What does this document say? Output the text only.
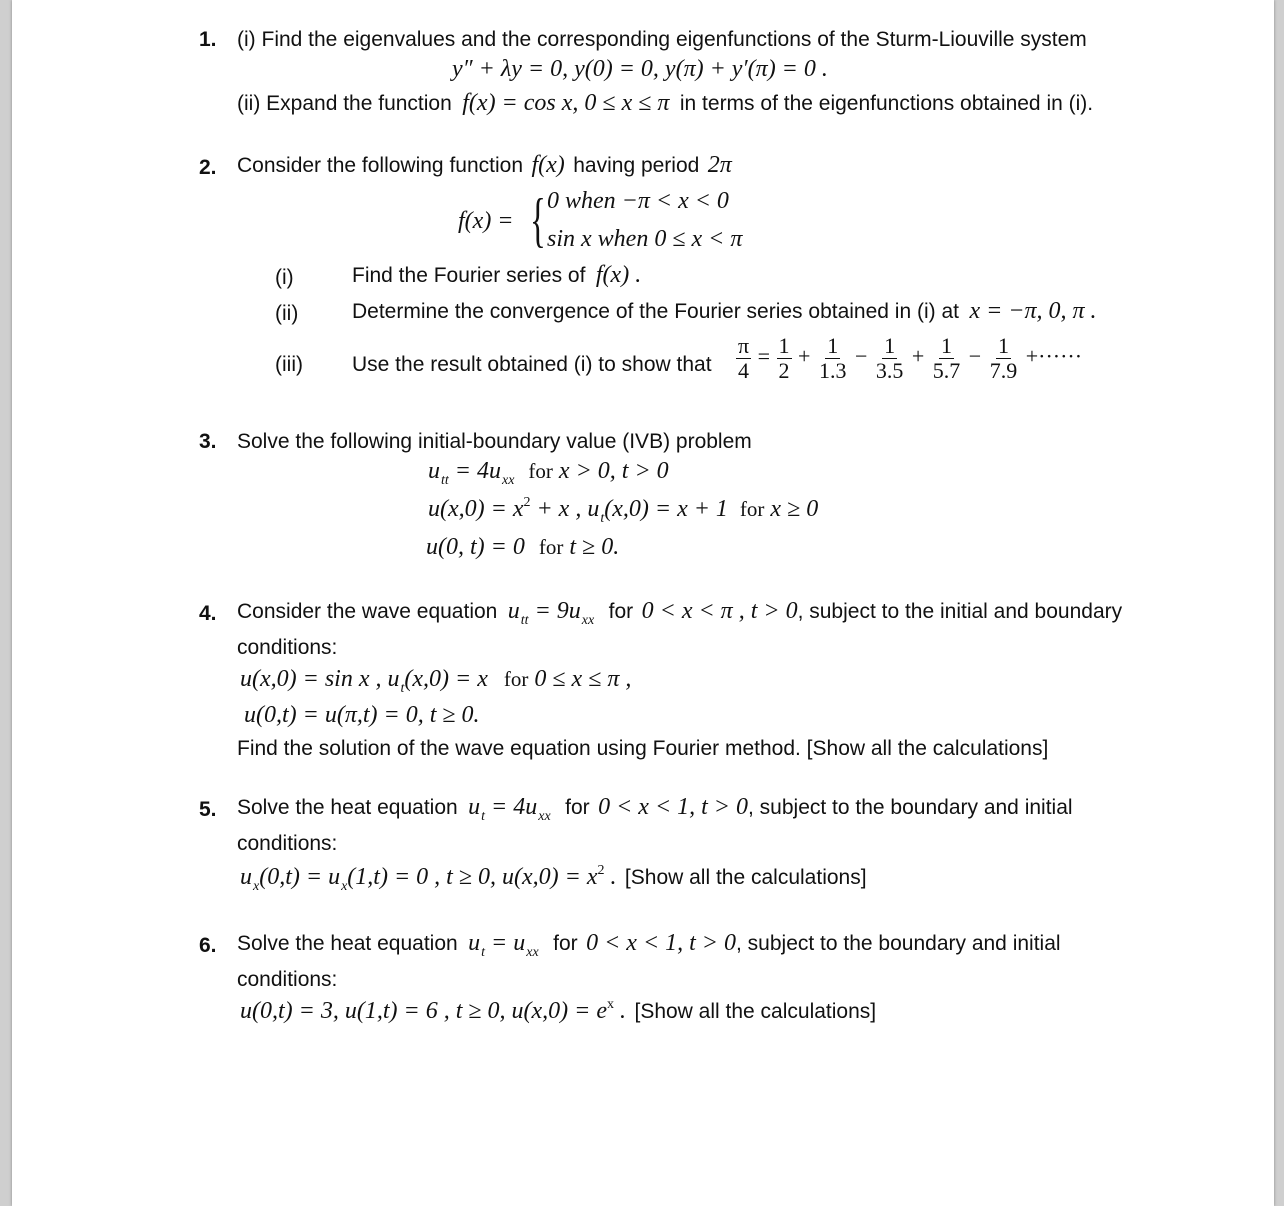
1. (i) Find the eigenvalues and the corresponding eigenfunctions of the Sturm-Liouville system
y″ + λy = 0, y(0) = 0, y(π) + y′(π) = 0 .
(ii) Expand the function f(x) = cos x, 0 ≤ x ≤ π in terms of the eigenfunctions obtained in (i).
2. Consider the following function f(x) having period 2π
f(x) = { 0 when −π < x < 0
sin x when 0 ≤ x < π
(i)	Find the Fourier series of f(x) .
(ii)	Determine the convergence of the Fourier series obtained in (i) at x = −π, 0, π .
(iii) Use the result obtained (i) to show that $\frac{\pi}{4} = \frac{1}{2} + \frac{1}{1.3} - \frac{1}{3.5} + \frac{1}{5.7} - \frac{1}{7.9}$ +······
3. Solve the following initial-boundary value (IVB) problem
$u_{tt} = 4u_{xx}$ for x > 0, t > 0
$u(x,0) = x^2 + x$ , $u_t(x,0) = x + 1$ for x ≥ 0
u(0, t) = 0 for t ≥ 0.
4. Consider the wave equation $u_{tt} = 9u_{xx}$ for 0 < x < π , t > 0, subject to the initial and boundary
conditions:
u(x,0) = sin x , $u_t(x,0) = x$ for 0 ≤ x ≤ π ,
u(0,t) = u(π,t) = 0, t ≥ 0.
Find the solution of the wave equation using Fourier method. [Show all the calculations]
5. Solve the heat equation $u_t = 4u_{xx}$ for 0 < x < 1, t > 0, subject to the boundary and initial
conditions:
$u_x(0,t) = u_x(1,t) = 0$ , t ≥ 0, $u(x,0) = x^2$ . [Show all the calculations]
6. Solve the heat equation $u_t = u_{xx}$ for 0 < x < 1, t > 0, subject to the boundary and initial
conditions:
u(0,t) = 3, u(1,t) = 6 , t ≥ 0, $u(x,0) = e^x$ . [Show all the calculations]
